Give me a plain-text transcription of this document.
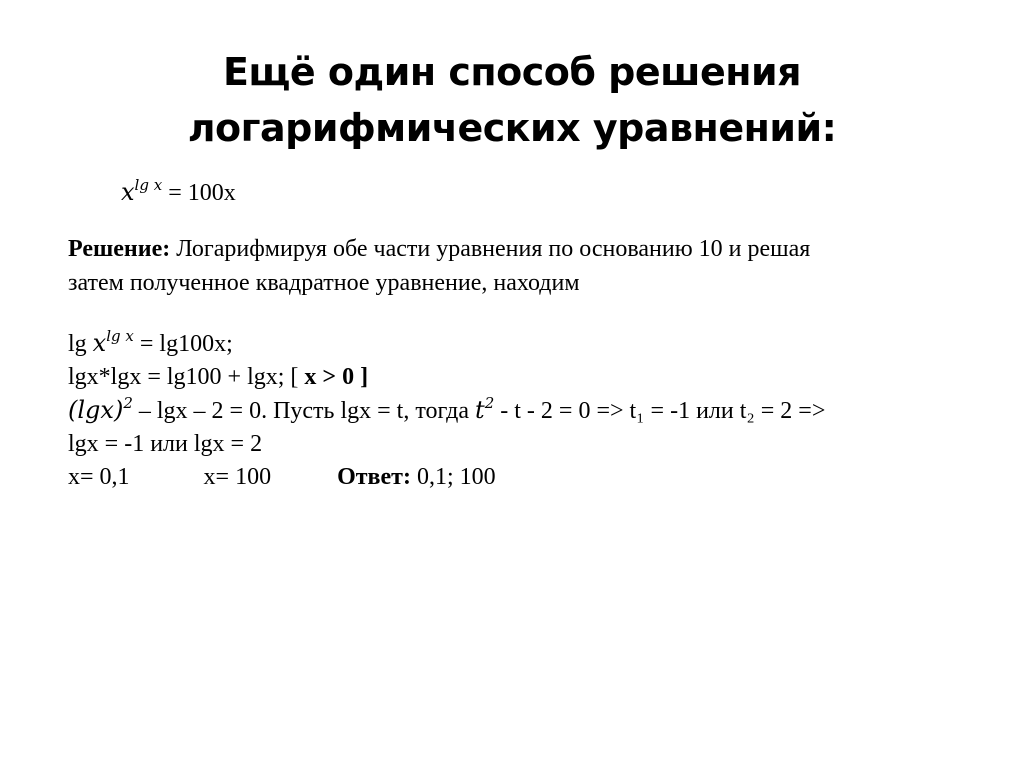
Ещё один способ решения
логарифмических уравнений:
𝑥$^{lg 𝑥}$ = 100x
Решение: Логарифмируя обе части уравнения по основанию 10 и решая
затем полученное квадратное уравнение, находим
lg 𝑥$^{lg 𝑥}$ = lg100x;
lgx*lgx = lg100 + lgx; [ x > 0 ]
(𝑙𝑔𝑥)$^2$ – lgx – 2 = 0. Пусть lgx = t, тогда 𝑡$^2$ - t - 2 = 0 => t₁ = -1 или t₂ = 2 =>
lgx = -1 или lgx = 2
x= 0,1	x= 100	Ответ: 0,1; 100
